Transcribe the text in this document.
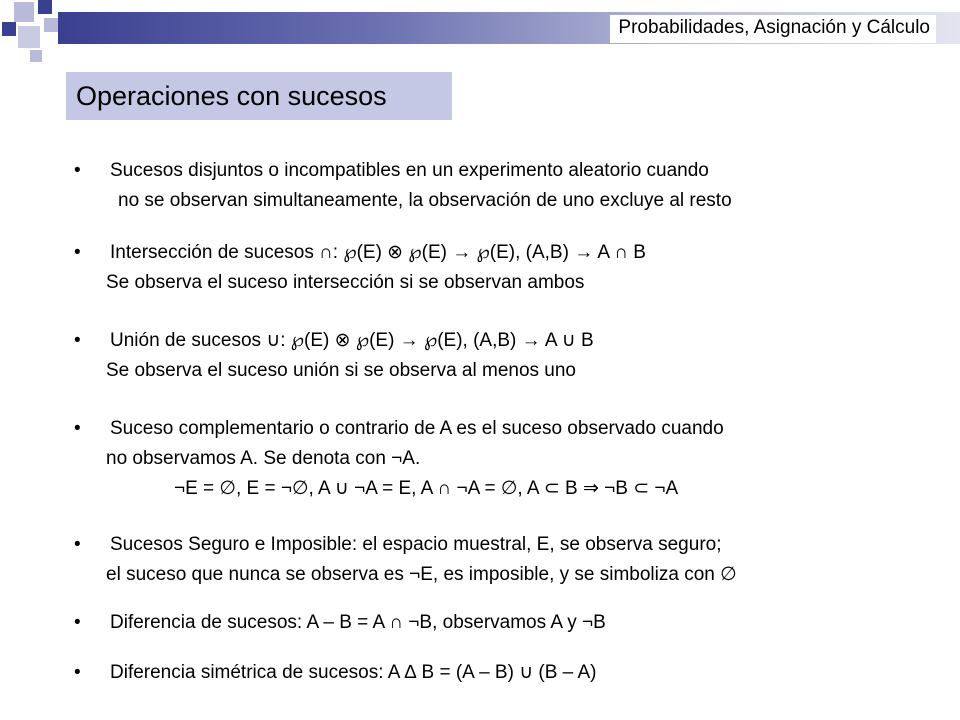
Probabilidades, Asignación y Cálculo
Operaciones con sucesos

• Sucesos disjuntos o incompatibles en un experimento aleatorio cuando

no se observan simultaneamente, la observación de uno excluye al resto

• Intersección de sucesos ∩: ℘(E) ⊗ ℘(E) → ℘(E), (A,B) → A ∩ B

Se observa el suceso intersección si se observan ambos

• Unión de sucesos ∪: ℘(E) ⊗ ℘(E) → ℘(E), (A,B) → A ∪ B

Se observa el suceso unión si se observa al menos uno

• Suceso complementario o contrario de A es el suceso observado cuando

no observamos A. Se denota con ¬A.

¬E = ∅, E = ¬∅, A ∪ ¬A = E, A ∩ ¬A = ∅, A ⊂ B ⇒ ¬B ⊂ ¬A

• Sucesos Seguro e Imposible: el espacio muestral, E, se observa seguro;

el suceso que nunca se observa es ¬E, es imposible, y se simboliza con ∅

• Diferencia de sucesos: A – B = A ∩ ¬B, observamos A y ¬B

• Diferencia simétrica de sucesos: A ∆ B = (A – B) ∪ (B – A)
